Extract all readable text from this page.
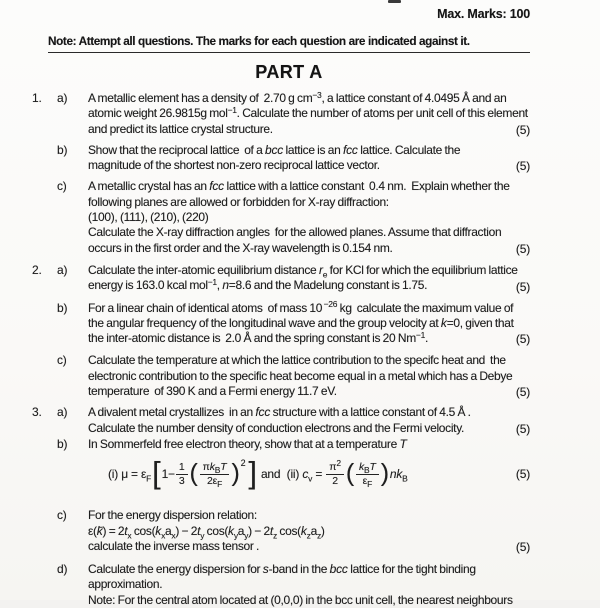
Max. Marks: 100
Note: Attempt all questions. The marks for each question are indicated against it.
PART A
1.	a) A metallic element has a density of  2.70 g $cm^{-3}$, a lattice constant of 4.0495 Å and an
atomic weight 26.9815g mol$^{-1}$. Calculate the number of atoms per unit cell of this element
and predict its lattice crystal structure.	(5)
b) Show that the reciprocal lattice  of a bcc lattice is an fcc lattice. Calculate the
magnitude of the shortest non-zero reciprocal lattice vector.	(5)
c) A metallic crystal has an fcc lattice with a lattice constant  0.4 nm.  Explain whether the
following planes are allowed or forbidden for X-ray diffraction:

(100), (111), (210), (220)

Calculate the X-ray diffraction angles  for the allowed planes. Assume that diffraction
occurs in the first order and the X-ray wavelength is 0.154 nm.	(5)
2.	a) Calculate the inter-atomic equilibrium distance $r_e$ for KCl for which the equilibrium lattice
energy is 163.0 kcal mol$^{-1}$, n=8.6 and the Madelung constant is 1.75.	(5)
b) For a linear chain of identical atoms  of mass 10 $^{-26}$ kg  calculate the maximum value of
the angular frequency of the longitudinal wave and the group velocity at k=0, given that
the inter-atomic distance is  2.0 Å and the spring constant is 20 $Nm^{-1}$.	(5)
c) Calculate the temperature at which the lattice contribution to the specifc heat and  the
electronic contribution to the specific heat become equal in a metal which has a Debye
temperature  of 390 K and a Fermi energy 11.7 eV.	(5)
3.	a) A divalent metal crystallizes  in an fcc structure with a lattice constant of 4.5 Å .
Calculate the number density of conduction electrons and the Fermi velocity.	(5)
b) In Sommerfeld free electron theory, show that at a temperature T

(i) $\mu = \varepsilon_F$ [ $1- \frac{1}{3}$ ( $\pi k_BT$
$2\varepsilon_F$ ) 2 ] and  (ii) $c_v = \frac{\pi^2}{2}$ ( $k_BT$
$\varepsilon_F$ ) $nk_B$	(5)
c) For the energy dispersion relation:

ε(k̄) = $2t_x$ $\cos(k_xa_x) - 2t_y$ $\cos(k_ya_y) - 2t_z$ $\cos(k_za_z)$

calculate the inverse mass tensor .	(5)
d) Calculate the energy dispersion for s-band in the bcc lattice for the tight binding
approximation.
Note: For the central atom located at (0,0,0) in the bcc unit cell, the nearest neighbours
